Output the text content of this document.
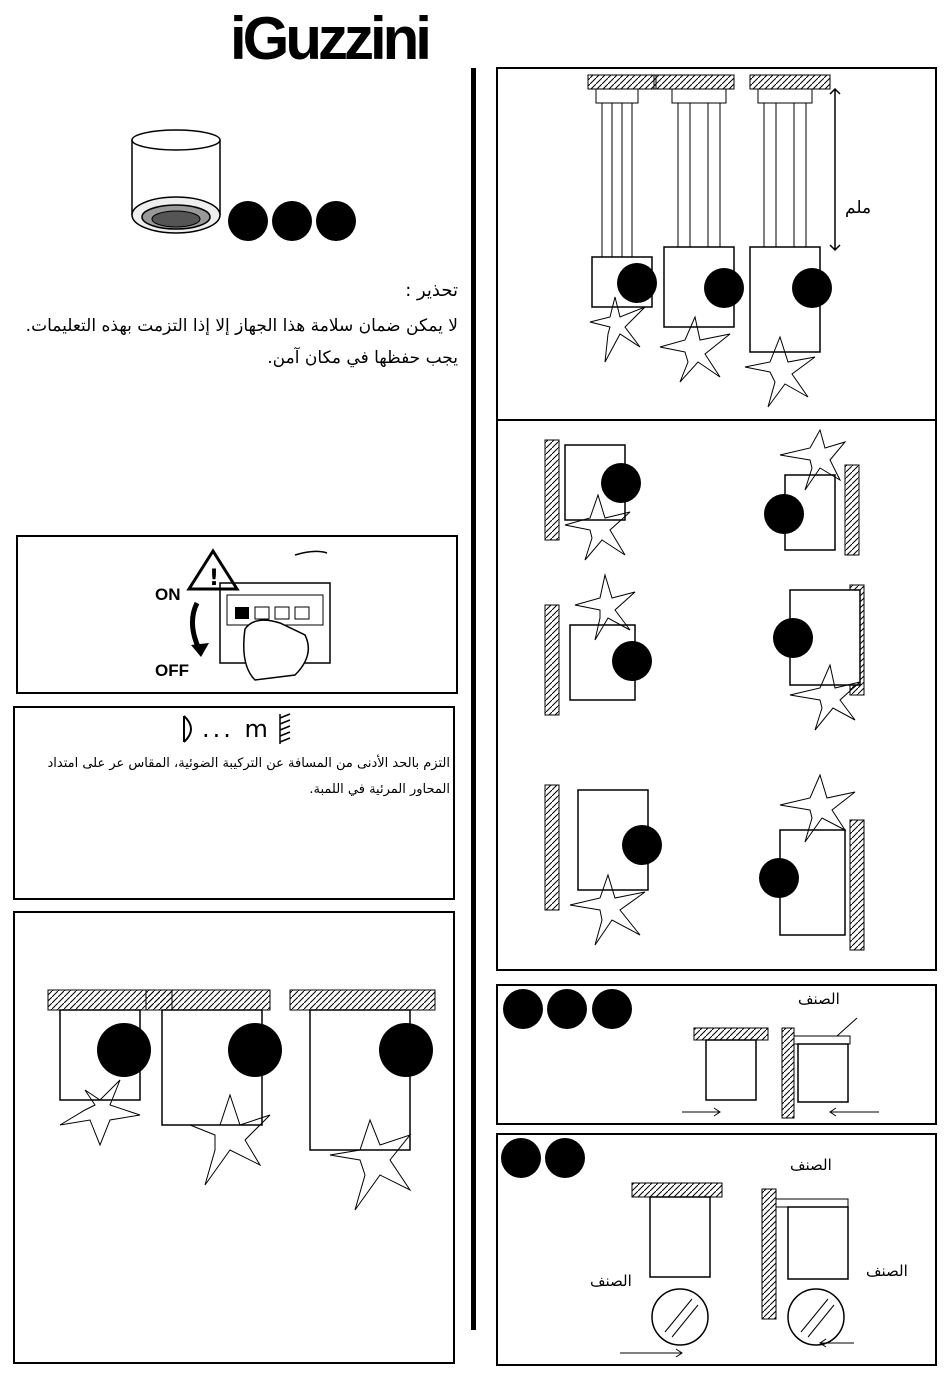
iGuzzini
تحذير :
لا يمكن ضمان سلامة هذا الجهاز إلا إذا التزمت بهذه التعليمات. يجب حفظها في مكان آمن.
ON
OFF
!
... m
التزم بالحد الأدنى من المسافة عن التركيبة الضوئية، المقاس عر على امتداد المحاور المرئية في اللمبة.
ملم
الصنف
الصنف
الصنف
الصنف
